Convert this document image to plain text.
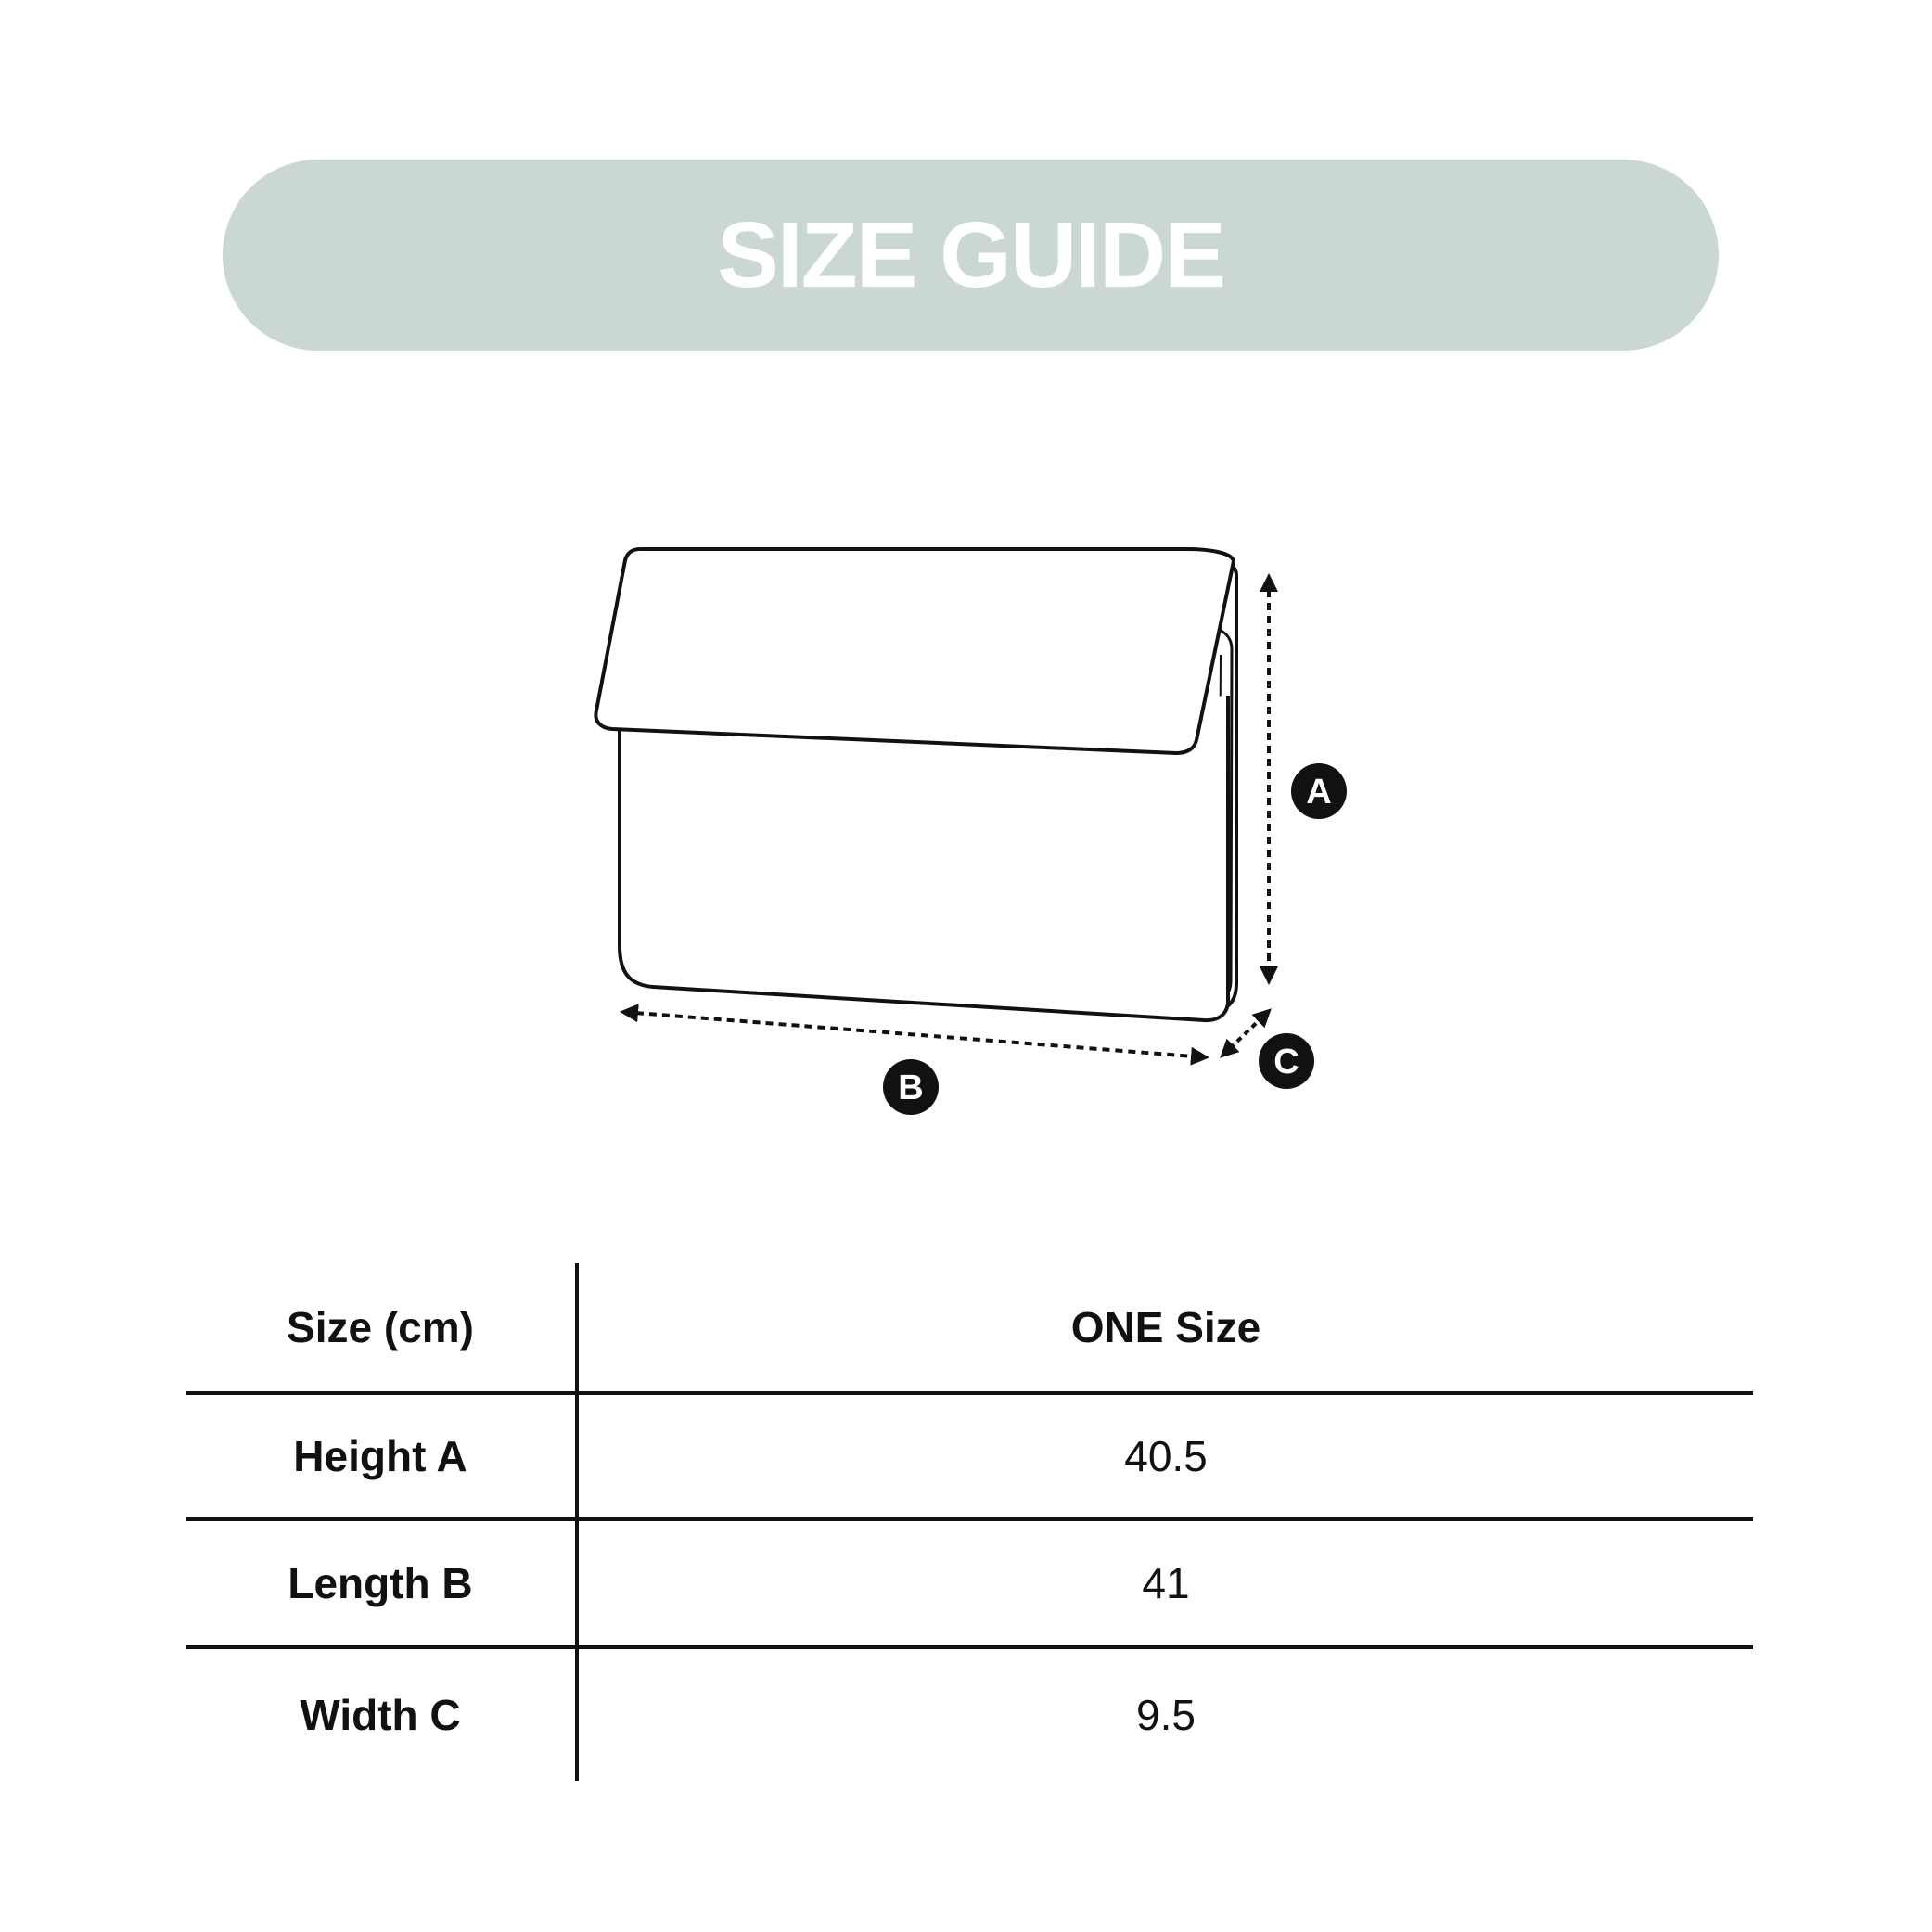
SIZE GUIDE
A
B
C
Size (cm)	ONE Size
Height A	40.5
Length B	41
Width C	9.5
